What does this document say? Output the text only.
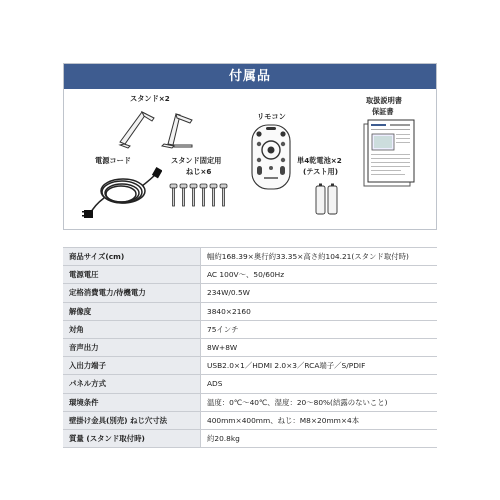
付属品
スタンド×2
リモコン
取扱説明書
保証書
電源コード	スタンド固定用
ねじ×6
単4乾電池×2
(テスト用)
商品サイズ(cm)	幅約168.39×奥行約33.35×高さ約104.21(スタンド取付時)
電源電圧	AC 100V～、50/60Hz
定格消費電力/待機電力	234W/0.5W
解像度	3840×2160
対角	75インチ
音声出力	8W+8W
入出力端子	USB2.0×1／HDMI 2.0×3／RCA端子／S/PDIF
パネル方式	ADS
環境条件	温度：0℃～40℃、湿度：20～80%(結露のないこと)
壁掛け金具(別売) ねじ穴寸法	400mm×400mm、ねじ：M8×20mm×4本
質量 (スタンド取付時)	約20.8kg
